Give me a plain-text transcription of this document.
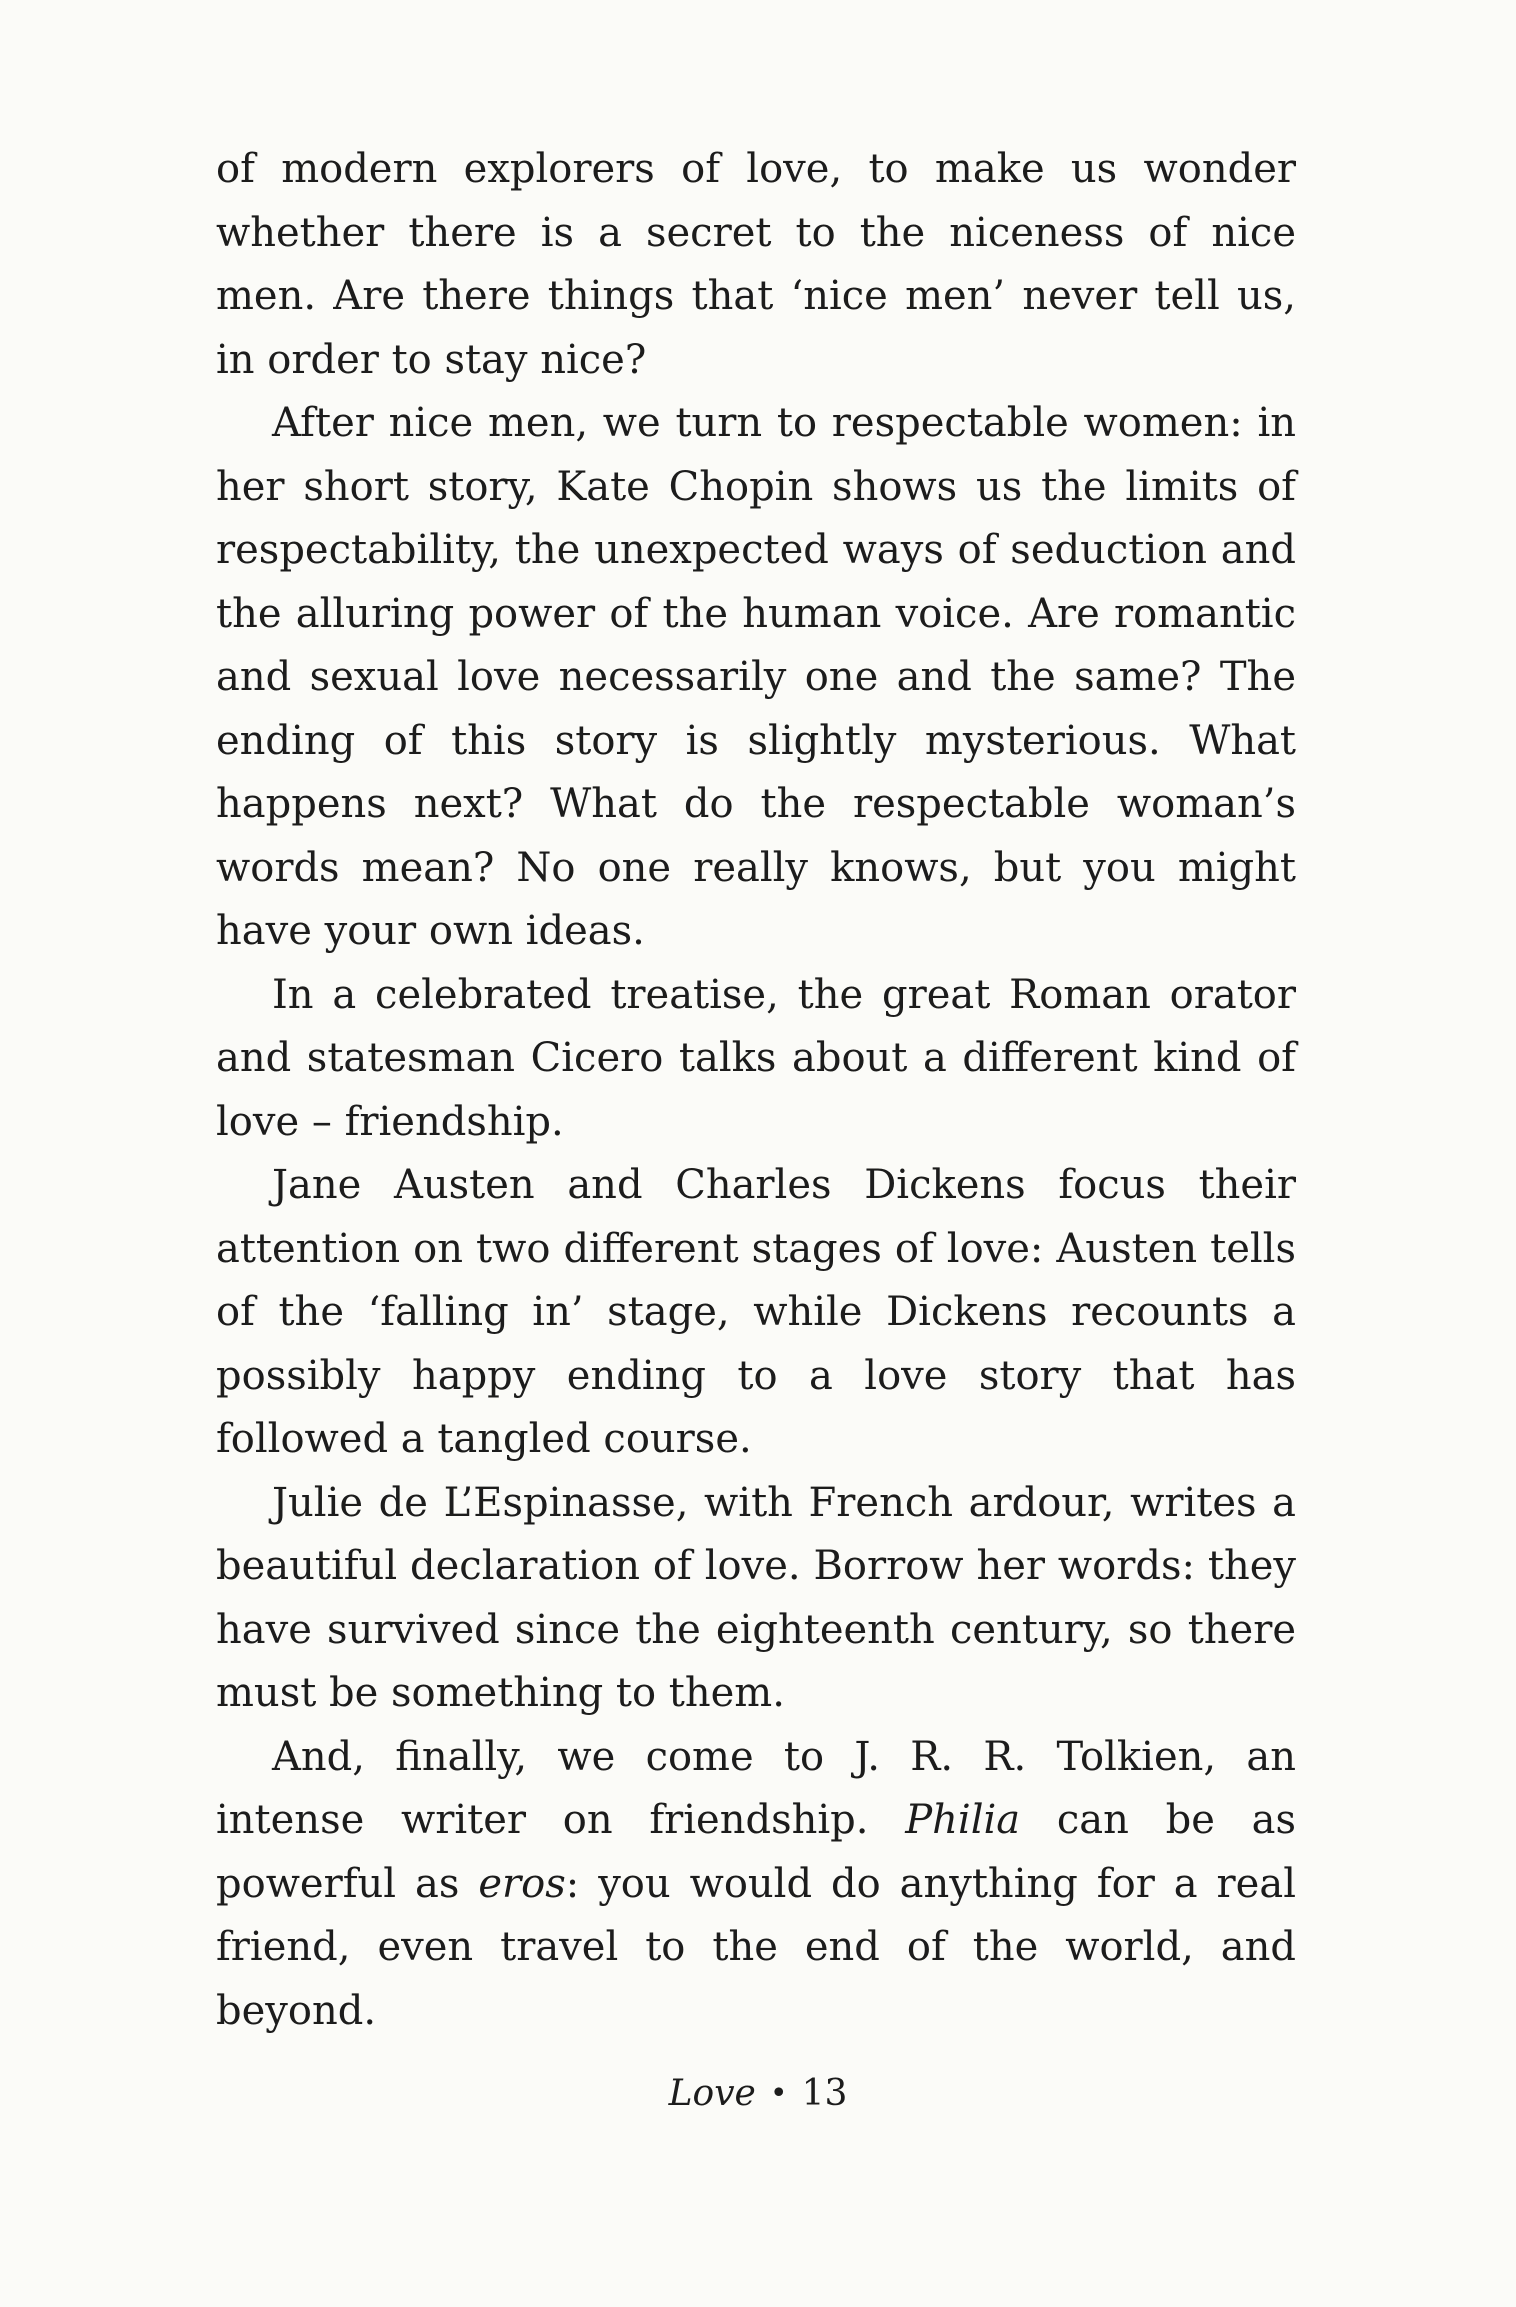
of modern explorers of love, to make us wonder whether there is a secret to the niceness of nice men. Are there things that ‘nice men’ never tell us, in order to stay nice?

After nice men, we turn to respectable women: in her short story, Kate Chopin shows us the limits of respectability, the unexpected ways of seduction and the alluring power of the human voice. Are romantic and sexual love necessarily one and the same? The ending of this story is slightly mysterious. What happens next? What do the respectable woman’s words mean? No one really knows, but you might have your own ideas.

In a celebrated treatise, the great Roman orator and statesman Cicero talks about a different kind of love – friendship.

Jane Austen and Charles Dickens focus their attention on two different stages of love: Austen tells of the ‘falling in’ stage, while Dickens recounts a possibly happy ending to a love story that has followed a tangled course.

Julie de L’Espinasse, with French ardour, writes a beautiful declaration of love. Borrow her words: they have survived since the eighteenth century, so there must be something to them.

And, finally, we come to J. R. R. Tolkien, an intense writer on friendship. Philia can be as powerful as eros: you would do anything for a real friend, even travel to the end of the world, and beyond.

Love • 13
